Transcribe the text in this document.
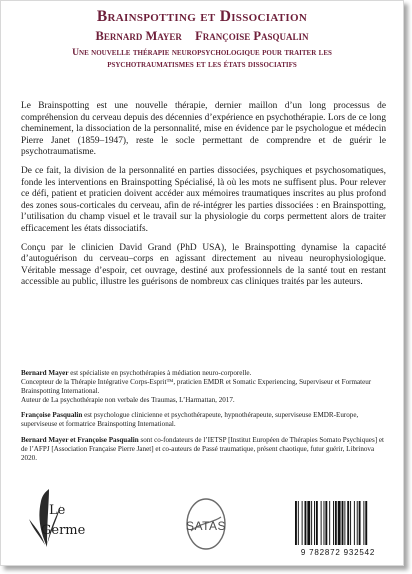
Brainspotting et Dissociation
Bernard Mayer Françoise Pasqualin
Une nouvelle thérapie neuropsychologique pour traiter les
psychotraumatismes et les états dissociatifs

Le Brainspotting est une nouvelle thérapie, dernier maillon d’un long processus de compréhension du cerveau depuis des décennies d’expérience en psychothérapie. Lors de ce long cheminement, la dissociation de la personnalité, mise en évidence par le psychologue et médecin Pierre Janet (1859–1947), reste le socle permettant de comprendre et de guérir le psychotraumatisme.

De ce fait, la division de la personnalité en parties dissociées, psychiques et psychosomatiques, fonde les interventions en Brainspotting Spécialisé, là où les mots ne suffisent plus. Pour relever ce défi, patient et praticien doivent accéder aux mémoires traumatiques inscrites au plus profond des zones sous-corticales du cerveau, afin de ré-intégrer les parties dissociées : en Brainspotting, l’utilisation du champ visuel et le travail sur la physiologie du corps permettent alors de traiter efficacement les états dissociatifs.

Conçu par le clinicien David Grand (PhD USA), le Brainspotting dynamise la capacité d’autoguérison du cerveau–corps en agissant directement au niveau neurophysiologique. Véritable message d’espoir, cet ouvrage, destiné aux professionnels de la santé tout en restant accessible au public, illustre les guérisons de nombreux cas cliniques traités par les auteurs.

Bernard Mayer est spécialiste en psychothérapies à médiation neuro-corporelle.
Concepteur de la Thérapie Intégrative Corps-Esprit™, praticien EMDR et Somatic Experiencing, Superviseur et Formateur Brainspotting International.
Auteur de La psychothérapie non verbale des Traumas, L’Harmattan, 2017.

Françoise Pasqualin est psychologue clinicienne et psychothérapeute, hypnothérapeute, superviseuse EMDR-Europe, superviseuse et formatrice Brainspotting International.

Bernard Mayer et Françoise Pasqualin sont co-fondateurs de l’IETSP [Institut Européen de Thérapies Somato Psychiques] et de l’AFPJ [Association Française Pierre Janet] et co-auteurs de Passé traumatique, présent chaotique, futur guérir, Librinova 2020.

Le
Germe	SATAS
9 782872 932542
